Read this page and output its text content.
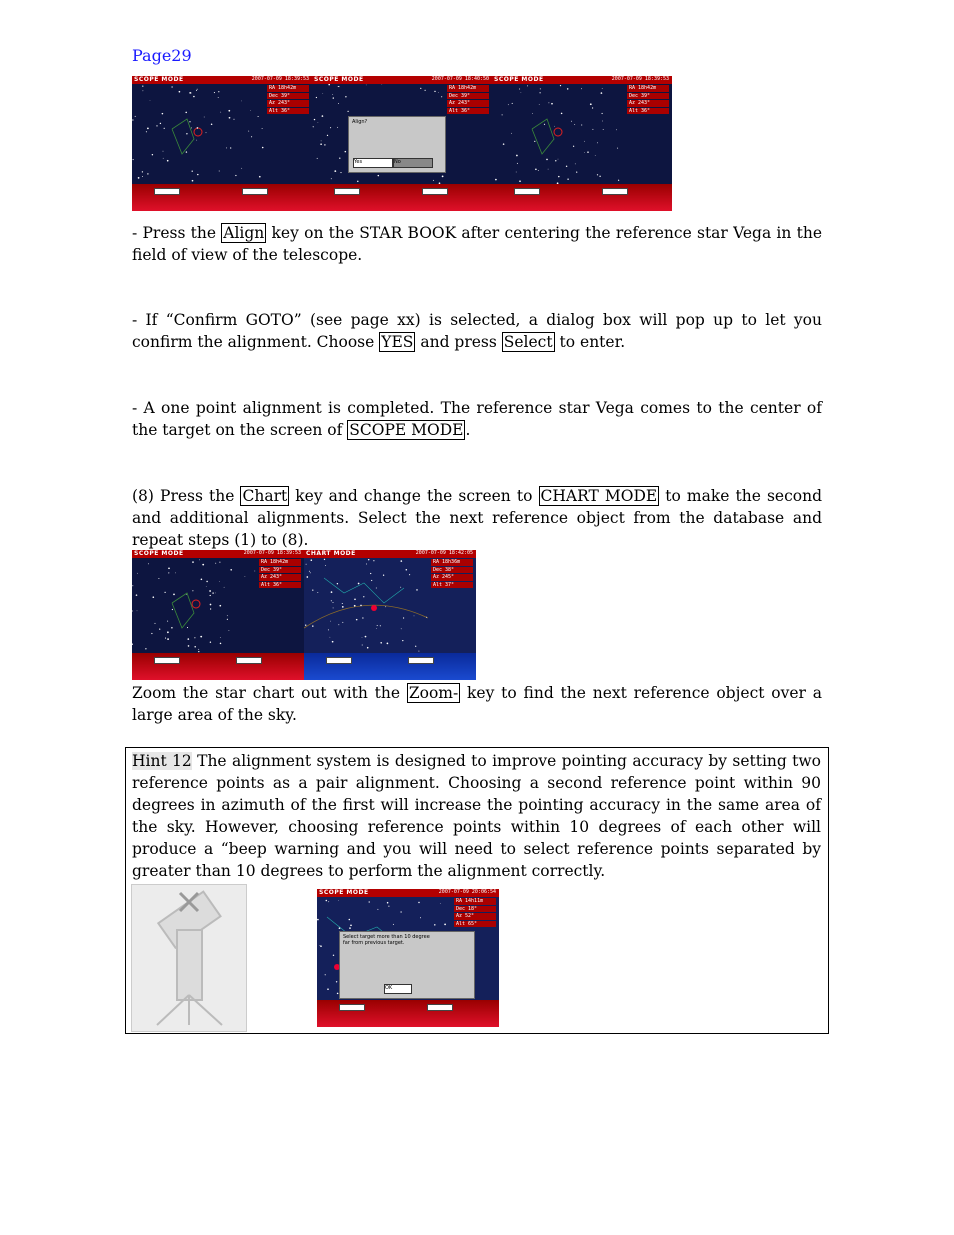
Page29
SCOPE MODE	2007-07-09 18:39:53
RA 18h42m
Dec 39°
Az 243°
Alt 36°
SCOPE MODE	2007-07-09 18:40:50
RA 18h42m
Dec 39°
Az 243°
Alt 36°
Align?
Yes	No
SCOPE MODE	2007-07-09 18:39:53
RA 18h42m
Dec 39°
Az 243°
Alt 36°
- Press the Align key on the STAR BOOK after centering the reference star Vega in the field of view of the telescope.
- If “Confirm GOTO” (see page xx) is selected, a dialog box will pop up to let you confirm the alignment. Choose YES and press Select to enter.
- A one point alignment is completed. The reference star Vega comes to the center of the target on the screen of SCOPE MODE .
(8) Press the Chart key and change the screen to CHART MODE to make the second and additional alignments. Select the next reference object from the database and repeat steps (1) to (8).
SCOPE MODE	2007-07-09 18:39:53
RA 18h42m
Dec 39°
Az 243°
Alt 36°
CHART MODE	2007-07-09 18:42:05
RA 18h36m
Dec 38°
Az 245°
Alt 37°
Zoom the star chart out with the Zoom- key to find the next reference object over a large area of the sky.
Hint 12 The alignment system is designed to improve pointing accuracy by setting two reference points as a pair alignment. Choosing a second reference point within 90 degrees in azimuth of the first will increase the pointing accuracy in the same area of the sky. However, choosing reference points within 10 degrees of each other will produce a “beep warning and you will need to select reference points separated by greater than 10 degrees to perform the alignment correctly.
SCOPE MODE	2007-07-09 20:06:54
RA 14h11m
Dec 18°
Az 52°
Alt 65°
Select target more than 10 degree far from previous target.
OK
